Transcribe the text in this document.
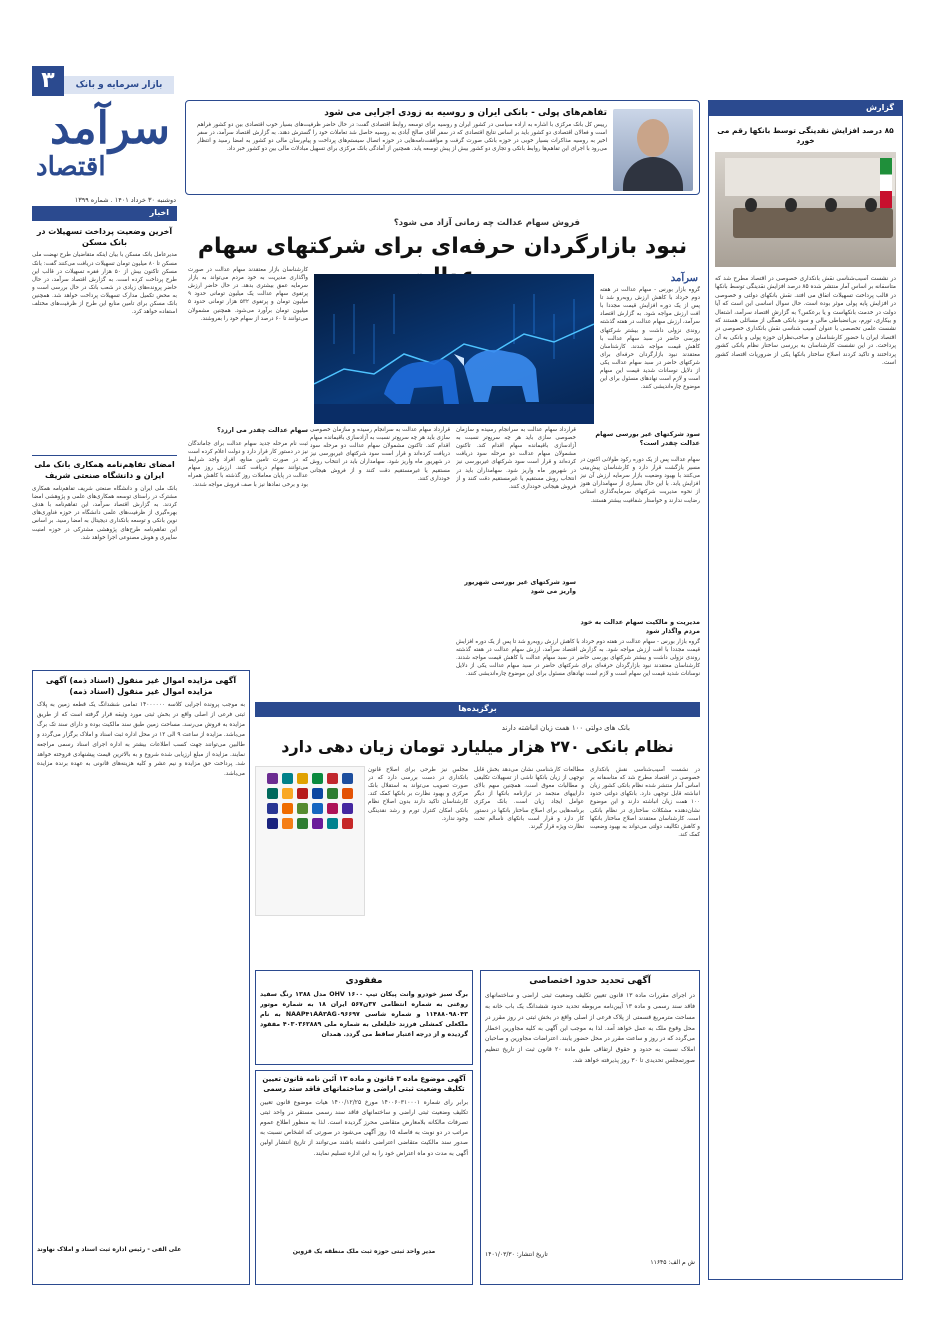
۳	بازار سرمایه و بانک
سرآمد
اقتصاد
دوشنبه ۳۰ خرداد ۱۴۰۱ . شماره ۱۳۹۹
اخبار
آخرین وضعیت پرداخت تسهیلات در بانک مسکن
مدیرعامل بانک مسکن با بیان اینکه متقاضیان طرح نهضت ملی مسکن تا ۸۰ میلیون تومان تسهیلات دریافت می‌کنند گفت: بانک مسکن تاکنون بیش از ۵۰ هزار فقره تسهیلات در قالب این طرح پرداخت کرده است. به گزارش اقتصاد سرآمد، در حال حاضر پرونده‌های زیادی در شعب بانک در حال بررسی است و به محض تکمیل مدارک تسهیلات پرداخت خواهد شد. همچنین بانک مسکن برای تامین منابع این طرح از ظرفیت‌های مختلف استفاده خواهد کرد.
امضای تفاهم‌نامه همکاری بانک ملی ایران و دانشگاه صنعتی شریف
بانک ملی ایران و دانشگاه صنعتی شریف تفاهم‌نامه همکاری مشترک در راستای توسعه همکاری‌های علمی و پژوهشی امضا کردند. به گزارش اقتصاد سرآمد، این تفاهم‌نامه با هدف بهره‌گیری از ظرفیت‌های علمی دانشگاه در حوزه فناوری‌های نوین بانکی و توسعه بانکداری دیجیتال به امضا رسید. بر اساس این تفاهم‌نامه طرح‌های پژوهشی مشترکی در حوزه امنیت سایبری و هوش مصنوعی اجرا خواهد شد.
تفاهم‌های پولی - بانکی ایران و روسیه به زودی اجرایی می شود
رییس کل بانک مرکزی با اشاره به اراده سیاسی در کشور ایران و روسیه برای توسعه روابط اقتصادی گفت: در حال حاضر ظرفیت‌های بسیار خوب اقتصادی بین دو کشور فراهم است و فعالان اقتصادی دو کشور باید بر اساس نتایج اقتصادی که در سفر آقای صالح آبادی به روسیه حاصل شد تعاملات خود را گسترش دهند. به گزارش اقتصاد سرآمد، در سفر اخیر به روسیه مذاکرات بسیار خوبی در حوزه بانکی صورت گرفت و موافقت‌نامه‌هایی در حوزه اتصال سیستم‌های پرداخت و پیام‌رسان مالی دو کشور به امضا رسید و انتظار می‌رود با اجرای این تفاهم‌ها روابط بانکی و تجاری دو کشور بیش از پیش توسعه یابد. همچنین از آمادگی بانک مرکزی برای تسهیل مبادلات مالی بین دو کشور خبر داد.
گزارش
۸۵ درصد افزایش نقدینگی توسط بانکها رقم می خورد
در نشست آسیب‌شناسی نقش بانکداری خصوصی در اقتصاد مطرح شد که متاسفانه بر اساس آمار منتشر شده ۸۵ درصد افزایش نقدینگی توسط بانکها در قالب پرداخت تسهیلات اتفاق می افتد. نقش بانکهای دولتی و خصوصی در افزایش پایه پولی موثر بوده است. حال سوال اساسی این است که آیا دولت در خدمت بانکهاست و یا برعکس؟ به گزارش اقتصاد سرآمد، اشتغال و بیکاری، تورم، بی‌انضباطی مالی و سود بانکی همگی از مسائلی هستند که نشست علمی تخصصی با عنوان آسیب شناسی نقش بانکداری خصوصی در اقتصاد ایران با حضور کارشناسان و صاحب‌نظران حوزه پولی و بانکی به آن پرداخت. در این نشست کارشناسان به بررسی ساختار نظام بانکی کشور پرداختند و تاکید کردند اصلاح ساختار بانکها یکی از ضروریات اقتصاد کشور است.
فروش سهام عدالت چه زمانی آزاد می شود؟
نبود بازارگردان حرفه‌ای برای شرکتهای سهام
سرآمد
گروه بازار بورس - سهام عدالت در هفته دوم خرداد با کاهش ارزش روبه‌رو شد تا پس از یک دوره افزایش قیمت مجددا با افت ارزش مواجه شود. به گزارش اقتصاد سرآمد، ارزش سهام عدالت در هفته گذشته روندی نزولی داشت و بیشتر شرکتهای بورسی حاضر در سبد سهام عدالت با کاهش قیمت مواجه شدند. کارشناسان معتقدند نبود بازارگردان حرفه‌ای برای شرکتهای حاضر در سبد سهام عدالت یکی از دلایل نوسانات شدید قیمت این سهام است و لازم است نهادهای مسئول برای این موضوع چاره‌اندیشی کنند.
قرارداد سهام عدالت به سرانجام رسیده و سازمان خصوصی سازی باید هر چه سریع‌تر نسبت به آزادسازی باقیمانده سهام اقدام کند. تاکنون مشمولان سهام عدالت دو مرحله سود دریافت کرده‌اند و قرار است سود شرکتهای غیربورسی نیز در شهریور ماه واریز شود. سهامداران باید در انتخاب روش مستقیم یا غیرمستقیم دقت کنند و از فروش هیجانی خودداری کنند.
سهام عدالت چقدر می ارزد؟
ثبت نام مرحله جدید سهام عدالت برای جاماندگان نیز در دستور کار قرار دارد و دولت اعلام کرده است که در صورت تامین منابع، افراد واجد شرایط می‌توانند سهام دریافت کنند. ارزش روز سهام عدالت در پایان معاملات روز گذشته با کاهش همراه بود و برخی نمادها نیز با صف فروش مواجه شدند.
کارشناسان بازار معتقدند سهام عدالت در صورت واگذاری مدیریت به خود مردم می‌تواند به بازار سرمایه عمق بیشتری بدهد. در حال حاضر ارزش پرتفوی سهام عدالت یک میلیون تومانی حدود ۹ میلیون تومان و پرتفوی ۵۳۲ هزار تومانی حدود ۵ میلیون تومان برآورد می‌شود. همچنین مشمولان می‌توانند تا ۶۰ درصد از سهام خود را بفروشند.
سود شرکتهای غیر بورسی سهام عدالت چقدر است؟
سهام عدالت پس از یک دوره رکود طولانی اکنون در مسیر بازگشت قرار دارد و کارشناسان پیش‌بینی می‌کنند با بهبود وضعیت بازار سرمایه ارزش آن نیز افزایش یابد. با این حال بسیاری از سهامداران هنوز از نحوه مدیریت شرکتهای سرمایه‌گذاری استانی رضایت ندارند و خواستار شفافیت بیشتر هستند.
سود شرکتهای غیر بورسی شهریور واریز می شود
مدیریت و مالکیت سهام عدالت به خود مردم واگذار شود
قرارداد سهام عدالت به سرانجام رسیده و سازمان خصوصی سازی باید هر چه سریع‌تر نسبت به آزادسازی باقیمانده سهام اقدام کند. تاکنون مشمولان سهام عدالت دو مرحله سود دریافت کرده‌اند و قرار است سود شرکتهای غیربورسی نیز در شهریور ماه واریز شود. سهامداران باید در انتخاب روش مستقیم یا غیرمستقیم دقت کنند و از فروش هیجانی خودداری کنند.
گروه بازار بورس - سهام عدالت در هفته دوم خرداد با کاهش ارزش روبه‌رو شد تا پس از یک دوره افزایش قیمت مجددا با افت ارزش مواجه شود. به گزارش اقتصاد سرآمد، ارزش سهام عدالت در هفته گذشته روندی نزولی داشت و بیشتر شرکتهای بورسی حاضر در سبد سهام عدالت با کاهش قیمت مواجه شدند. کارشناسان معتقدند نبود بازارگردان حرفه‌ای برای شرکتهای حاضر در سبد سهام عدالت یکی از دلایل نوسانات شدید قیمت این سهام است و لازم است نهادهای مسئول برای این موضوع چاره‌اندیشی کنند.
برگزیده‌ها
بانک های دولتی ۱۰۰ همت زیان انباشته دارند
نظام بانکی ۲۷۰ هزار میلیارد تومان زیان دهی دارد
در نشست آسیب‌شناسی نقش بانکداری خصوصی در اقتصاد مطرح شد که متاسفانه بر اساس آمار منتشر شده نظام بانکی کشور زیان انباشته قابل توجهی دارد. بانکهای دولتی حدود ۱۰۰ همت زیان انباشته دارند و این موضوع نشان‌دهنده مشکلات ساختاری در نظام بانکی است. کارشناسان معتقدند اصلاح ساختار بانکها و کاهش تکالیف دولتی می‌تواند به بهبود وضعیت کمک کند.
مطالعات کارشناسی نشان می‌دهد بخش قابل توجهی از زیان بانکها ناشی از تسهیلات تکلیفی و مطالبات معوق است. همچنین سهم بالای داراییهای منجمد در ترازنامه بانکها از دیگر عوامل ایجاد زیان است. بانک مرکزی برنامه‌هایی برای اصلاح ساختار بانکها در دستور کار دارد و قرار است بانکهای ناسالم تحت نظارت ویژه قرار گیرند.
مجلس نیز طرحی برای اصلاح قانون بانکداری در دست بررسی دارد که در صورت تصویب می‌تواند به استقلال بانک مرکزی و بهبود نظارت بر بانکها کمک کند. کارشناسان تاکید دارند بدون اصلاح نظام بانکی امکان کنترل تورم و رشد نقدینگی وجود ندارد.
آگهی مزایده اموال غیر منقول (اسناد ذمه) آگهی مزایده اموال غیر منقول (اسناد ذمه)
به موجب پرونده اجرایی کلاسه ۱۴۰۰۰۰۰۰ تمامی ششدانگ یک قطعه زمین به پلاک ثبتی فرعی از اصلی واقع در بخش ثبتی مورد وثیقه قرار گرفته است که از طریق مزایده به فروش می‌رسد. مساحت زمین طبق سند مالکیت بوده و دارای سند تک برگ می‌باشد. مزایده از ساعت ۹ الی ۱۲ در محل اداره ثبت اسناد و املاک برگزار می‌گردد و طالبین می‌توانند جهت کسب اطلاعات بیشتر به اداره اجرای اسناد رسمی مراجعه نمایند. مزایده از مبلغ ارزیابی شده شروع و به بالاترین قیمت پیشنهادی فروخته خواهد شد. پرداخت حق مزایده و نیم عشر و کلیه هزینه‌های قانونی به عهده برنده مزایده می‌باشد.
علی الفی - رئیس اداره ثبت اسناد و املاک نهاوند
آگهی تحدید حدود اختصاصی
در اجرای مقررات ماده ۱۳ قانون تعیین تکلیف وضعیت ثبتی اراضی و ساختمانهای فاقد سند رسمی و ماده ۱۳ آیین‌نامه مربوطه تحدید حدود ششدانگ یک باب خانه به مساحت مترمربع قسمتی از پلاک فرعی از اصلی واقع در بخش ثبتی در روز مقرر در محل وقوع ملک به عمل خواهد آمد. لذا به موجب این آگهی به کلیه مجاورین اخطار می‌گردد که در روز و ساعت مقرر در محل حضور یابند. اعتراضات مجاورین و صاحبان املاک نسبت به حدود و حقوق ارتفاقی طبق ماده ۲۰ قانون ثبت از تاریخ تنظیم صورتمجلس تحدیدی تا ۳۰ روز پذیرفته خواهد شد.
تاریخ انتشار: ۱۴۰۱/۰۳/۳۰
ش م الف: ۱۱۶۴۵
مفقودی
برگ سبز خودرو وانت پیکان تیپ OHV ۱۶۰۰ مدل ۱۳۸۸ رنگ سفید روغنی به شماره انتظامی ۳۷ن۵۶۷ ایران ۱۸ به شماره موتور ۱۱۴۸۸۰۹۸۰۴۳ و شماره شاسی NAAP۴۱AA۳AG۰۹۶۶۹۷ به نام ملکعلی کمشلی فرزند خلیلعلی به شماره ملی ۴۰۳۰۳۶۲۸۸۹ مفقود گردیده و از درجه اعتبار ساقط می گردد. همدان
آگهی موضوع ماده ۳ قانون و ماده ۱۳ آئین نامه قانون تعیین تکلیف وضعیت ثبتی اراضی و ساختمانهای فاقد سند رسمی
برابر رای شماره ۱۴۰۰۶۰۳۱۰۰۰۱ مورخ ۱۴۰۰/۱۲/۲۵ هیات موضوع قانون تعیین تکلیف وضعیت ثبتی اراضی و ساختمانهای فاقد سند رسمی مستقر در واحد ثبتی تصرفات مالکانه بلامعارض متقاضی محرز گردیده است. لذا به منظور اطلاع عموم مراتب در دو نوبت به فاصله ۱۵ روز آگهی می‌شود در صورتی که اشخاص نسبت به صدور سند مالکیت متقاضی اعتراضی داشته باشند می‌توانند از تاریخ انتشار اولین آگهی به مدت دو ماه اعتراض خود را به این اداره تسلیم نمایند.
مدیر واحد ثبتی حوزه ثبت ملک منطقه یک قزوین
